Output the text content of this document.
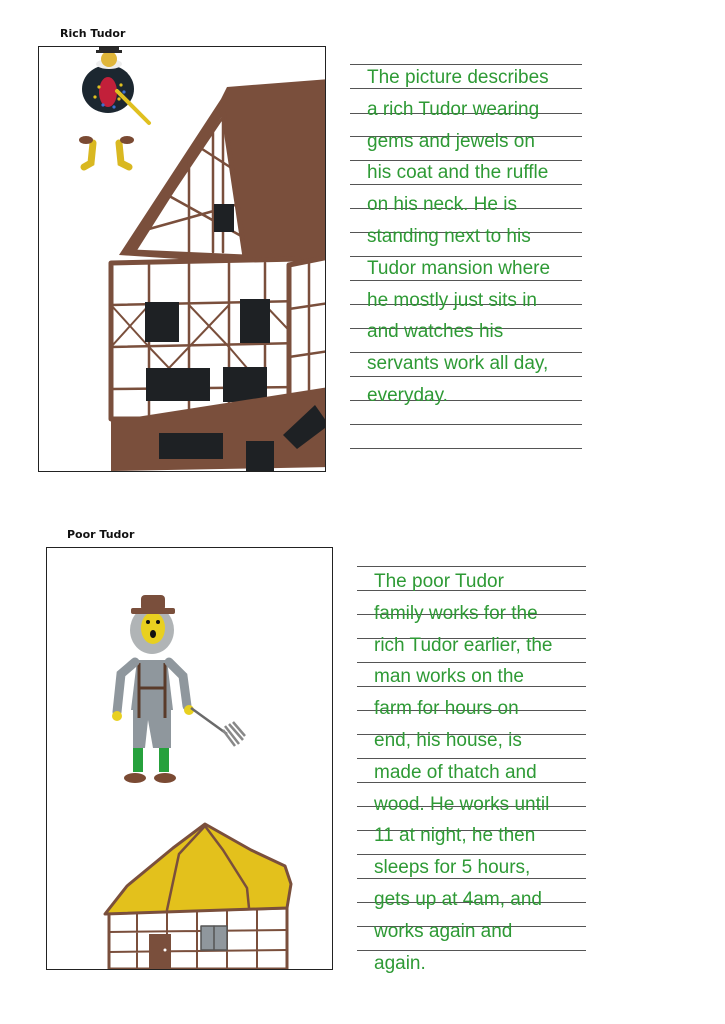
Rich Tudor

The picture describes
a rich Tudor wearing
gems and jewels on
his coat and the ruffle
on his neck. He is
standing next to his
Tudor mansion where
he mostly just sits in
and watches his
servants work all day,
everyday.

Poor Tudor

The poor Tudor
family works for the
rich Tudor earlier, the
man works on the
farm for hours on
end, his house, is
made of thatch and
wood. He works until
11 at night, he then
sleeps for 5 hours,
gets up at 4am, and
works again and
again.
